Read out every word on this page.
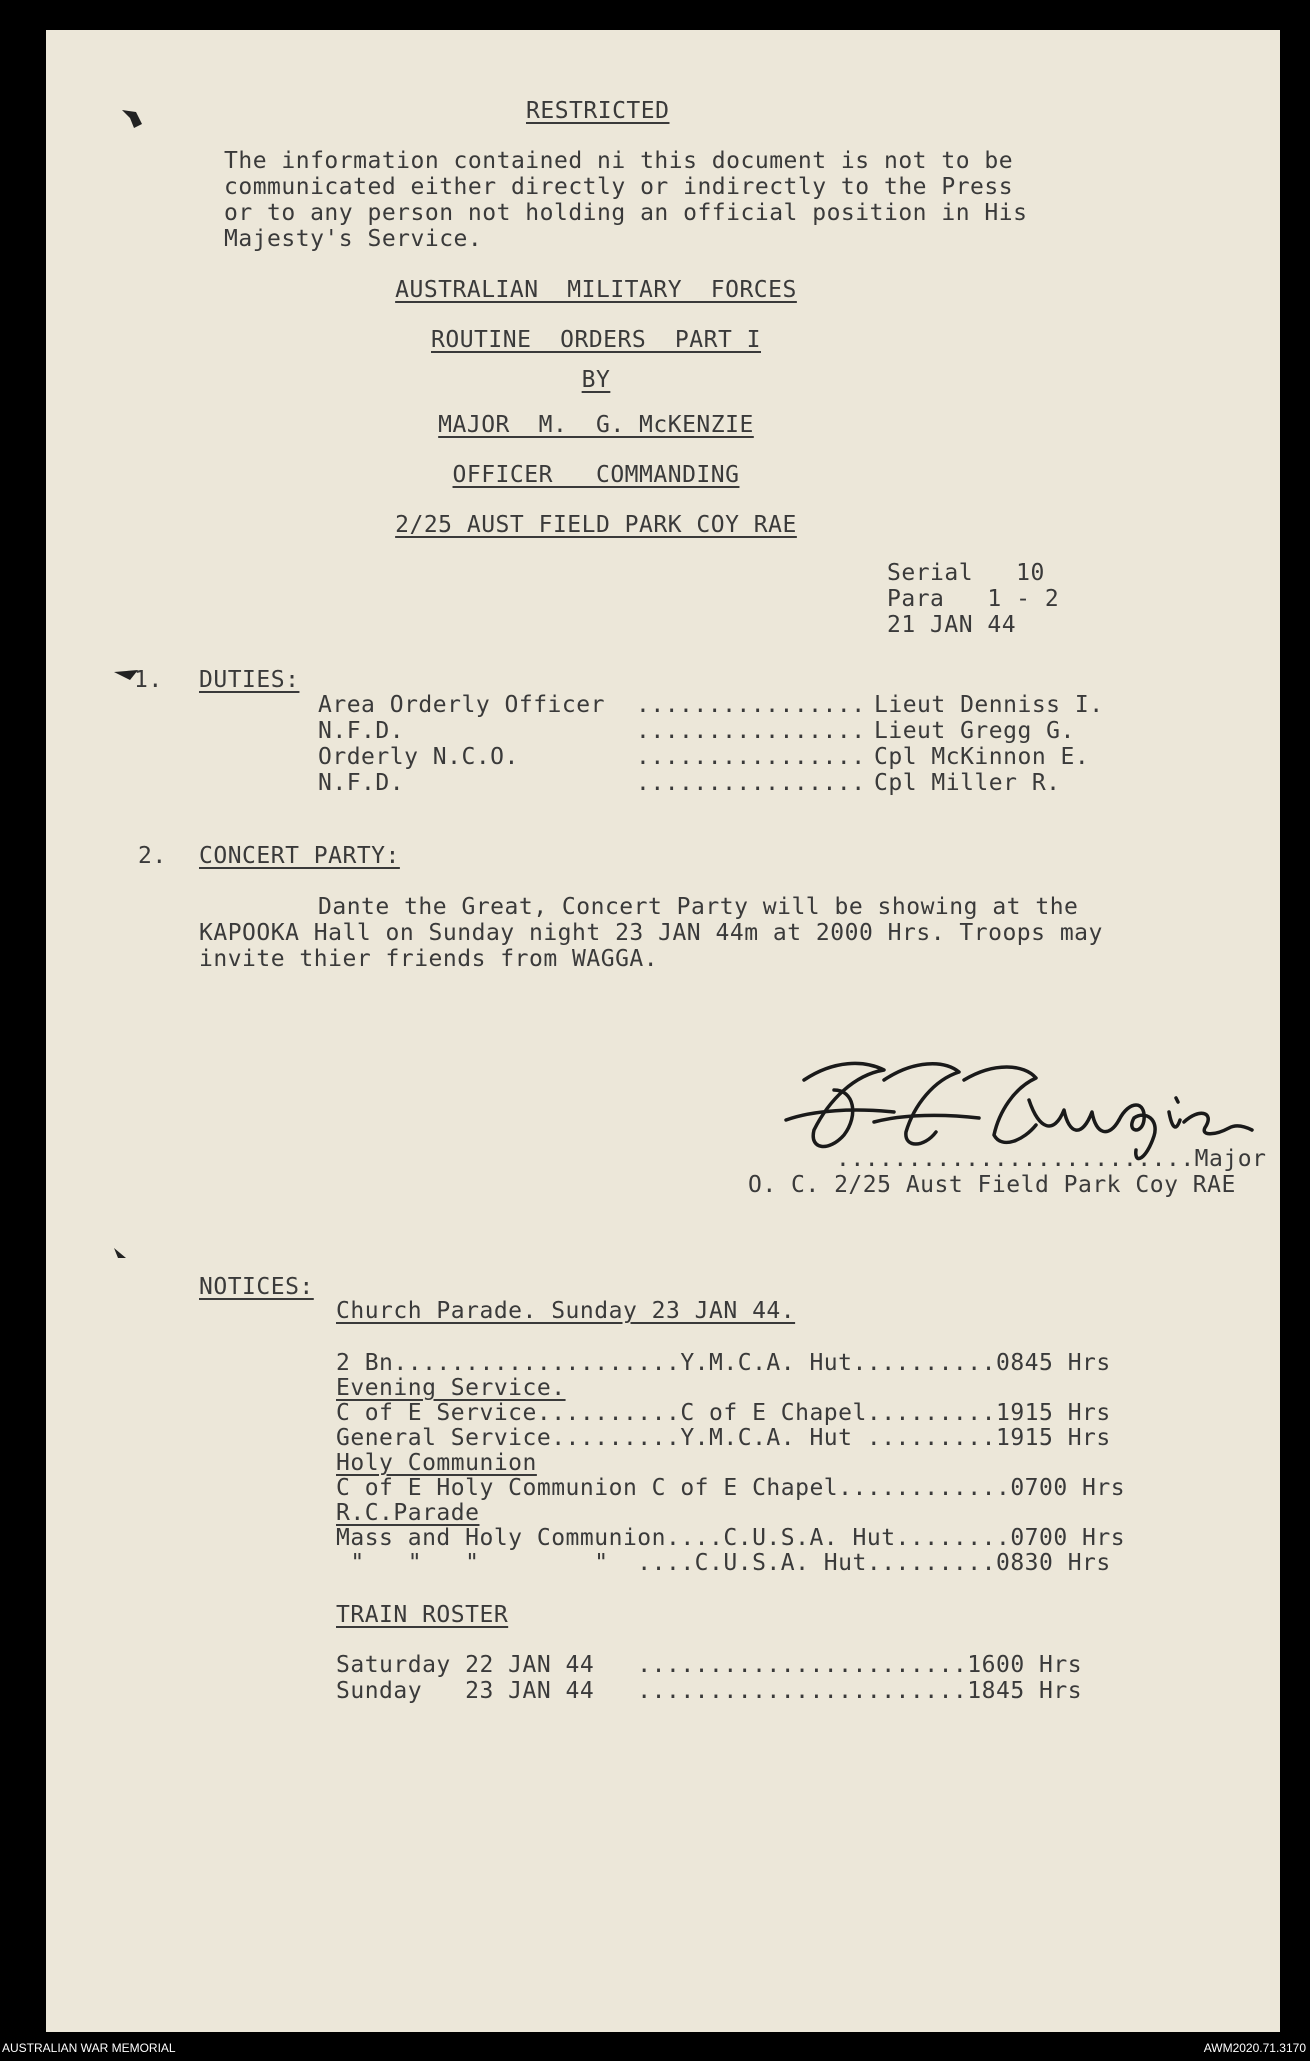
RESTRICTED
The information contained ni this document is not to be
communicated either directly or indirectly to the Press
or to any person not holding an official position in His
Majesty's Service.
AUSTRALIAN  MILITARY  FORCES
ROUTINE  ORDERS  PART I
BY
MAJOR  M.  G. McKENZIE
OFFICER   COMMANDING
2/25 AUST FIELD PARK COY RAE
Serial   10
Para   1 - 2
21 JAN 44
1. DUTIES:
Area Orderly Officer ................ Lieut Denniss I.
N.F.D.	................ Lieut Gregg G.
Orderly N.C.O.	................ Cpl McKinnon E.
N.F.D.	................ Cpl Miller R.
2. CONCERT PARTY:
Dante the Great, Concert Party will be showing at the
KAPOOKA Hall on Sunday night 23 JAN 44m at 2000 Hrs. Troops may
invite thier friends from WAGGA.
.........................Major
O. C. 2/25 Aust Field Park Coy RAE
NOTICES:
Church Parade. Sunday 23 JAN 44.
2 Bn....................Y.M.C.A. Hut..........0845 Hrs
Evening Service.
C of E Service..........C of E Chapel.........1915 Hrs
General Service.........Y.M.C.A. Hut .........1915 Hrs
Holy Communion
C of E Holy Communion C of E Chapel............0700 Hrs
R.C.Parade
Mass and Holy Communion....C.U.S.A. Hut........0700 Hrs
"   "   "        "  ....C.U.S.A. Hut.........0830 Hrs
TRAIN ROSTER
Saturday 22 JAN 44   .......................1600 Hrs
Sunday   23 JAN 44   .......................1845 Hrs
AUSTRALIAN WAR MEMORIAL	AWM2020.71.3170
